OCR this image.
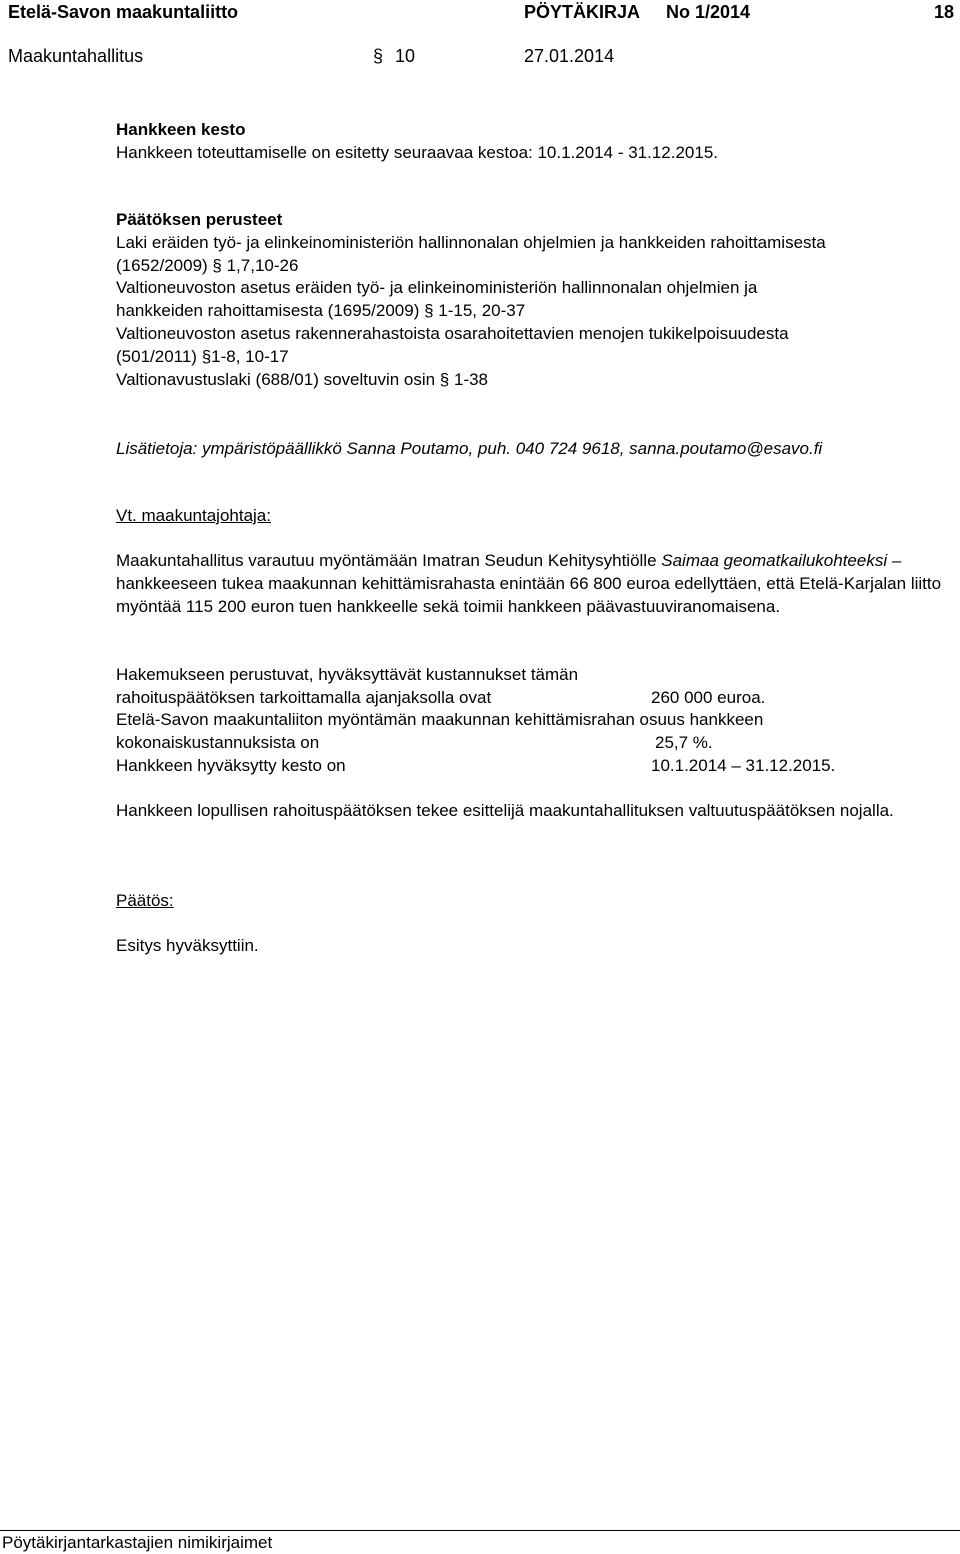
Etelä-Savon maakuntaliitto	PÖYTÄKIRJA No 1/2014	18
Maakuntahallitus	10
§	27.01.2014
Hankkeen kesto
Hankkeen toteuttamiselle on esitetty seuraavaa kestoa: 10.1.2014 - 31.12.2015.
Päätöksen perusteet
Laki eräiden työ- ja elinkeinoministeriön hallinnonalan ohjelmien ja hankkeiden rahoittamisesta
(1652/2009) § 1,7,10-26
Valtioneuvoston asetus eräiden työ- ja elinkeinoministeriön hallinnonalan ohjelmien ja
hankkeiden rahoittamisesta (1695/2009) § 1-15, 20-37
Valtioneuvoston asetus rakennerahastoista osarahoitettavien menojen tukikelpoisuudesta
(501/2011) §1-8, 10-17
Valtionavustuslaki (688/01) soveltuvin osin § 1-38
Lisätietoja: ympäristöpäällikkö Sanna Poutamo, puh. 040 724 9618, sanna.poutamo@esavo.fi
Vt. maakuntajohtaja:
Maakuntahallitus varautuu myöntämään Imatran Seudun Kehitysyhtiölle Saimaa geomatkailukohteeksi – hankkeeseen tukea maakunnan kehittämisrahasta enintään 66 800 euroa edellyttäen, että Etelä-Karjalan liitto myöntää 115 200 euron tuen hankkeelle sekä toimii hankkeen päävastuuviranomaisena.
Hakemukseen perustuvat, hyväksyttävät kustannukset tämän
rahoituspäätöksen tarkoittamalla ajanjaksolla ovat	260 000 euroa.
Etelä-Savon maakuntaliiton myöntämän maakunnan kehittämisrahan osuus hankkeen
kokonaiskustannuksista on	25,7 %.
Hankkeen hyväksytty kesto on	10.1.2014 – 31.12.2015.
Hankkeen lopullisen rahoituspäätöksen tekee esittelijä maakuntahallituksen valtuutuspäätöksen nojalla.
Päätös:
Esitys hyväksyttiin.
Pöytäkirjantarkastajien nimikirjaimet
